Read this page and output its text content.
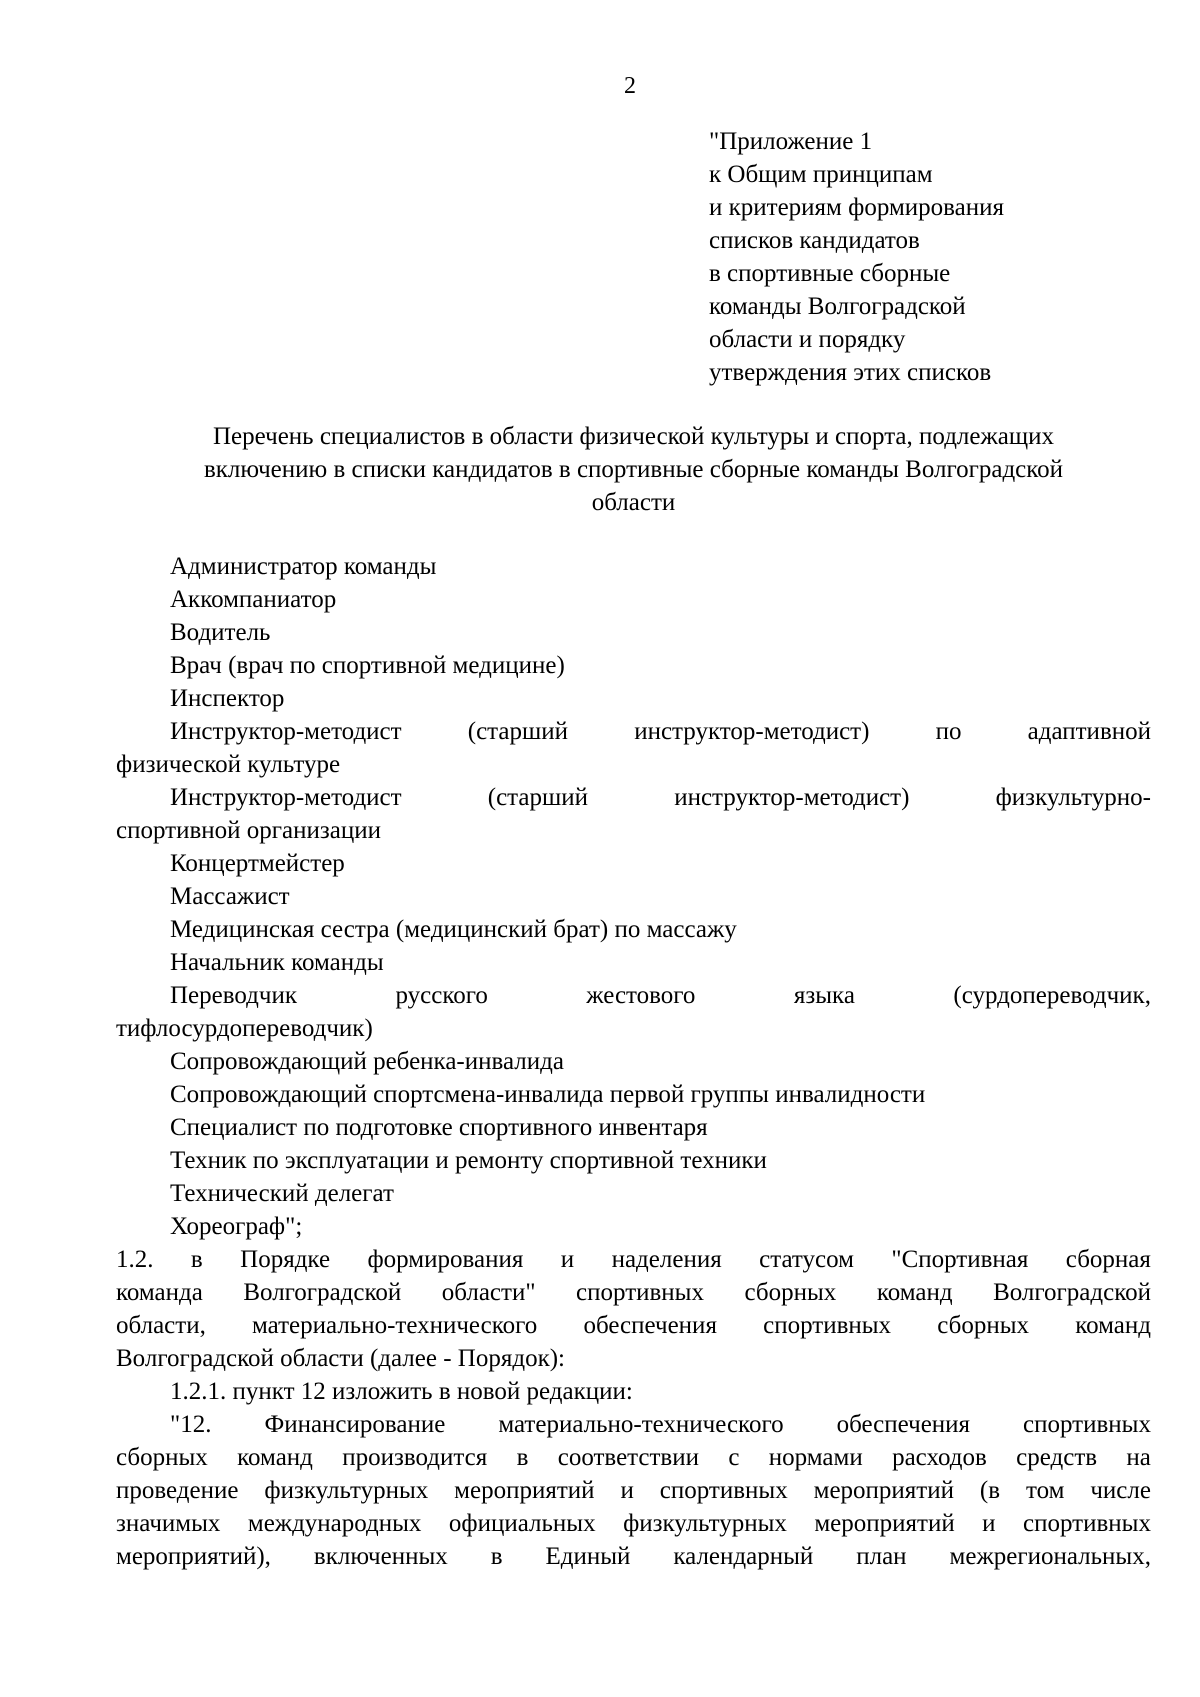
2
"Приложение 1
к Общим принципам
и критериям формирования
списков кандидатов
в спортивные сборные
команды Волгоградской
области и порядку
утверждения этих списков
Перечень специалистов в области физической культуры и спорта, подлежащих
включению в списки кандидатов в спортивные сборные команды Волгоградской
области
Администратор команды
Аккомпаниатор
Водитель
Врач (врач по спортивной медицине)
Инспектор
Инструктор-методист	(старший	инструктор-методист)	по	адаптивной
физической культуре
Инструктор-методист	(старший	инструктор-методист)	физкультурно-
спортивной организации
Концертмейстер
Массажист
Медицинская сестра (медицинский брат) по массажу
Начальник команды
Переводчик	русского	жестового	языка	(сурдопереводчик,
тифлосурдопереводчик)
Сопровождающий ребенка-инвалида
Сопровождающий спортсмена-инвалида первой группы инвалидности
Специалист по подготовке спортивного инвентаря
Техник по эксплуатации и ремонту спортивной техники
Технический делегат
Хореограф";
1.2. в Порядке формирования и наделения статусом "Спортивная сборная
команда Волгоградской области" спортивных сборных команд Волгоградской
области, материально-технического обеспечения спортивных сборных команд
Волгоградской области (далее - Порядок):
1.2.1. пункт 12 изложить в новой редакции:
"12. Финансирование материально-технического обеспечения спортивных
сборных команд производится в соответствии с нормами расходов средств на
проведение физкультурных мероприятий и спортивных мероприятий (в том числе
значимых международных официальных физкультурных мероприятий и спортивных
мероприятий), включенных в Единый календарный план межрегиональных,
